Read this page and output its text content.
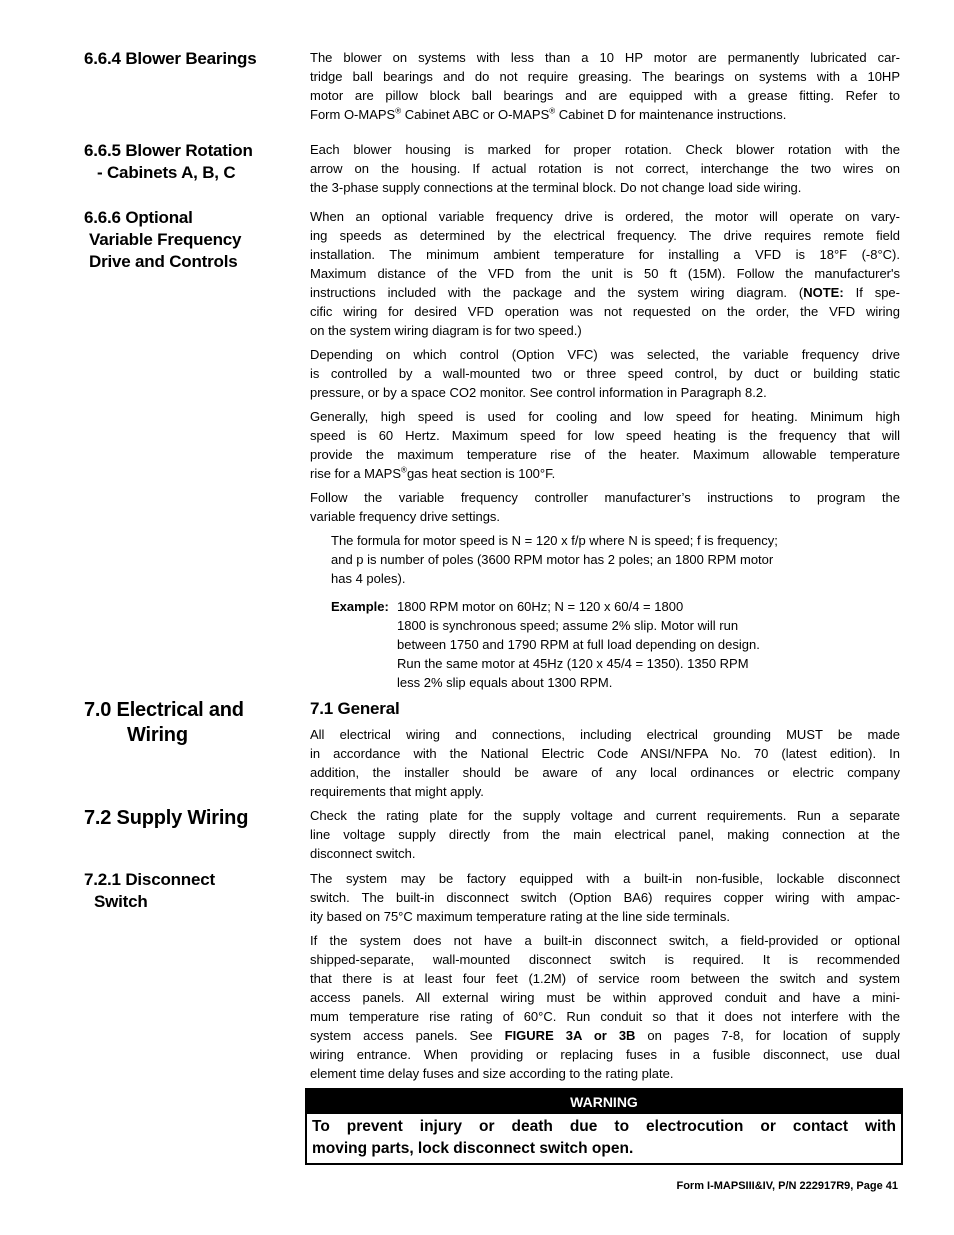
6.6.4 Blower Bearings	The blower on systems with less than a 10 HP motor are permanently lubricated car-
tridge ball bearings and do not require greasing. The bearings on systems with a 10HP
motor are pillow block ball bearings and are equipped with a grease fitting. Refer to
Form O-MAPS® Cabinet ABC or O-MAPS® Cabinet D for maintenance instructions.
6.6.5 Blower Rotation
- Cabinets A, B, C
Each blower housing is marked for proper rotation. Check blower rotation with the
arrow on the housing. If actual rotation is not correct, interchange the two wires on
the 3-phase supply connections at the terminal block. Do not change load side wiring.
6.6.6 Optional
Variable Frequency
Drive and Controls
When an optional variable frequency drive is ordered, the motor will operate on vary-
ing speeds as determined by the electrical frequency. The drive requires remote field
installation. The minimum ambient temperature for installing a VFD is 18°F (-8°C).
Maximum distance of the VFD from the unit is 50 ft (15M). Follow the manufacturer's
instructions included with the package and the system wiring diagram. (NOTE: If spe-
cific wiring for desired VFD operation was not requested on the order, the VFD wiring
on the system wiring diagram is for two speed.)
Depending on which control (Option VFC) was selected, the variable frequency drive
is controlled by a wall-mounted two or three speed control, by duct or building static
pressure, or by a space CO2 monitor. See control information in Paragraph 8.2.
Generally, high speed is used for cooling and low speed for heating. Minimum high
speed is 60 Hertz. Maximum speed for low speed heating is the frequency that will
provide the maximum temperature rise of the heater. Maximum allowable temperature
rise for a MAPS®gas heat section is 100°F.
Follow the variable frequency controller manufacturer’s instructions to program the
variable frequency drive settings.
The formula for motor speed is N = 120 x f/p where N is speed; f is frequency;
and p is number of poles (3600 RPM motor has 2 poles; an 1800 RPM motor
has 4 poles).
Example: 1800 RPM motor on 60Hz; N = 120 x 60/4 = 1800
1800 is synchronous speed; assume 2% slip. Motor will run
between 1750 and 1790 RPM at full load depending on design.
Run the same motor at 45Hz (120 x 45/4 = 1350). 1350 RPM
less 2% slip equals about 1300 RPM.
7.0 Electrical and
Wiring
7.1 General
All electrical wiring and connections, including electrical grounding MUST be made
in accordance with the National Electric Code ANSI/NFPA No. 70 (latest edition). In
addition, the installer should be aware of any local ordinances or electric company
requirements that might apply.
7.2 Supply Wiring	Check the rating plate for the supply voltage and current requirements. Run a separate
line voltage supply directly from the main electrical panel, making connection at the
disconnect switch.
7.2.1 Disconnect
Switch
The system may be factory equipped with a built-in non-fusible, lockable disconnect
switch. The built-in disconnect switch (Option BA6) requires copper wiring with ampac-
ity based on 75°C maximum temperature rating at the line side terminals.
If the system does not have a built-in disconnect switch, a field-provided or optional
shipped-separate, wall-mounted disconnect switch is required. It is recommended
that there is at least four feet (1.2M) of service room between the switch and system
access panels. All external wiring must be within approved conduit and have a mini-
mum temperature rise rating of 60°C. Run conduit so that it does not interfere with the
system access panels. See FIGURE 3A or 3B on pages 7-8, for location of supply
wiring entrance. When providing or replacing fuses in a fusible disconnect, use dual
element time delay fuses and size according to the rating plate.
WARNING
To prevent injury or death due to electrocution or contact with
moving parts, lock disconnect switch open.
Form I-MAPSIII&IV, P/N 222917R9, Page 41
